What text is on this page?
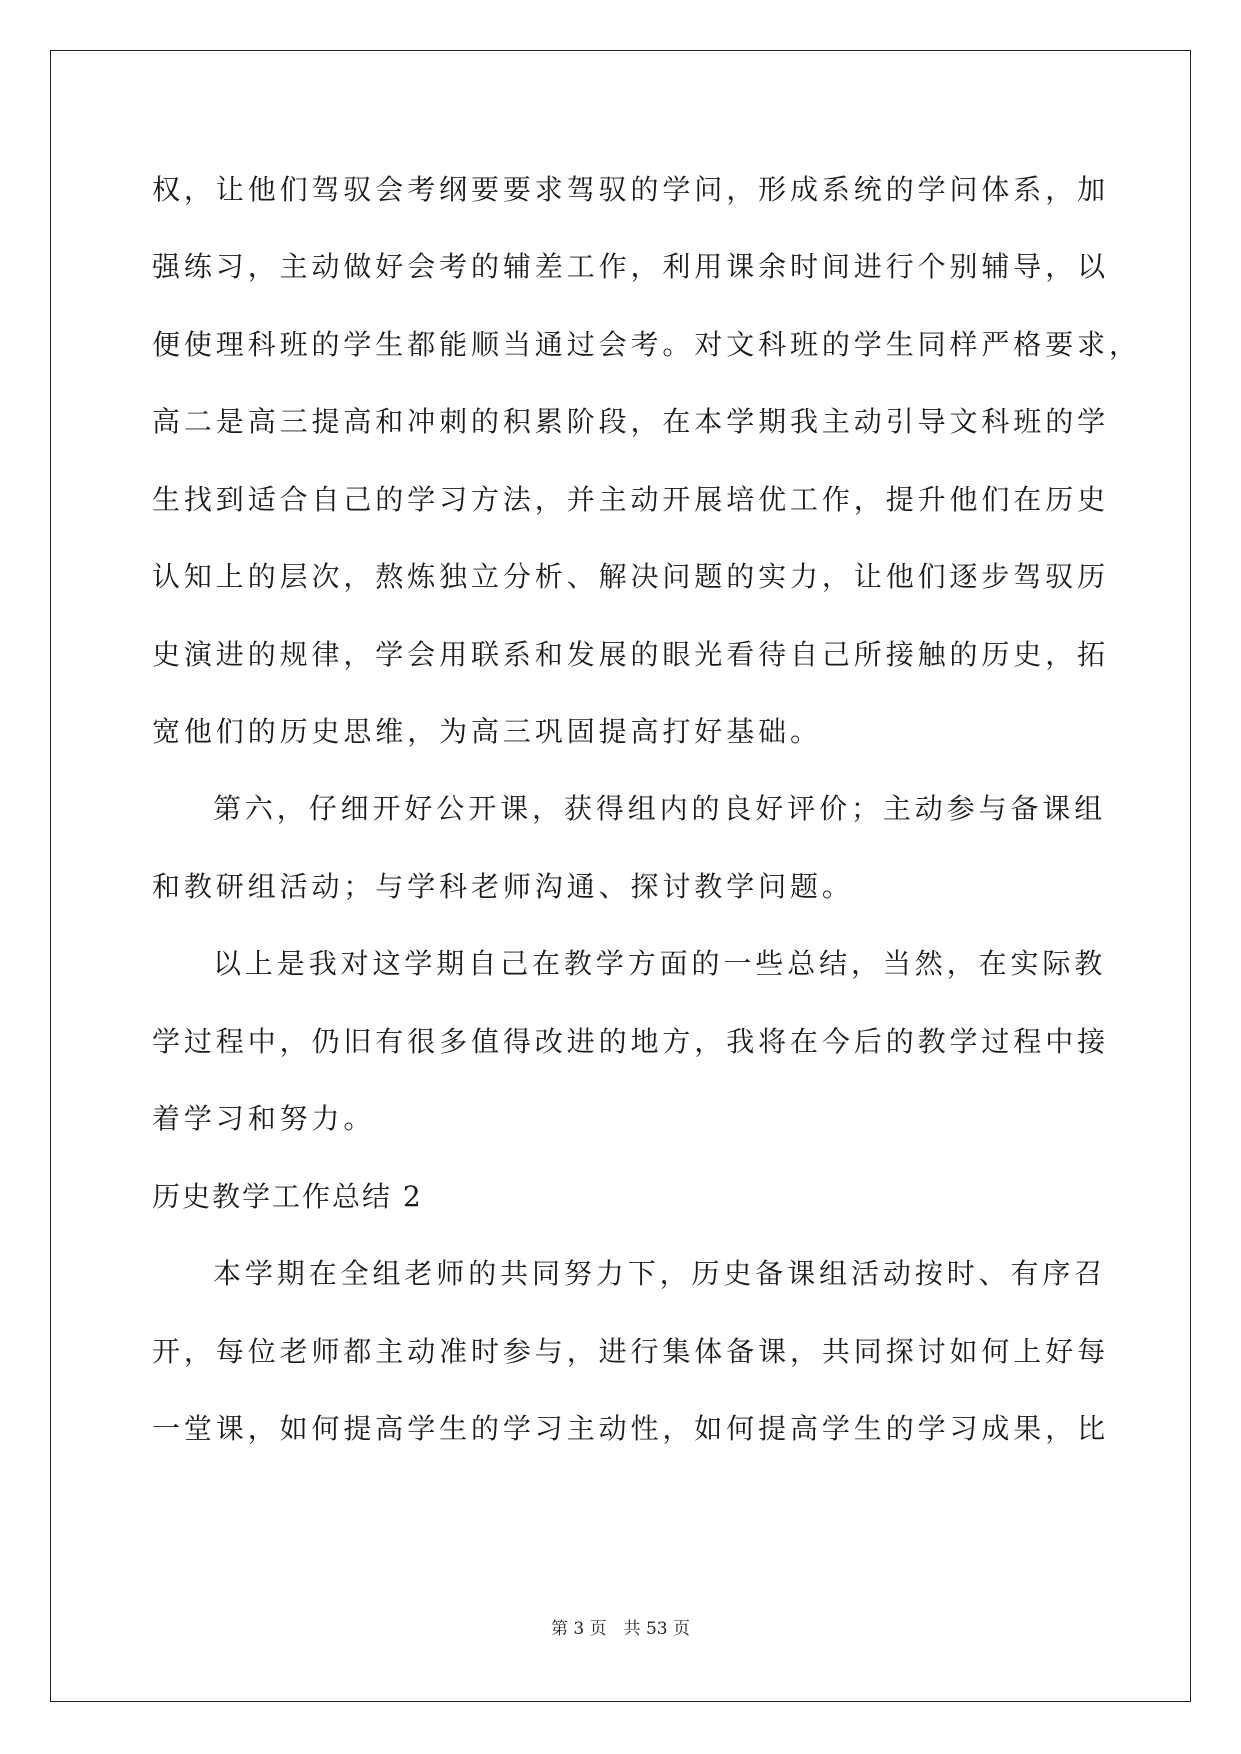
权，让他们驾驭会考纲要要求驾驭的学问，形成系统的学问体系，加
强练习，主动做好会考的辅差工作，利用课余时间进行个别辅导，以
便使理科班的学生都能顺当通过会考。对文科班的学生同样严格要求，
高二是高三提高和冲刺的积累阶段，在本学期我主动引导文科班的学
生找到适合自己的学习方法，并主动开展培优工作，提升他们在历史
认知上的层次，熬炼独立分析、解决问题的实力，让他们逐步驾驭历
史演进的规律，学会用联系和发展的眼光看待自己所接触的历史，拓
宽他们的历史思维，为高三巩固提高打好基础。
第六，仔细开好公开课，获得组内的良好评价；主动参与备课组
和教研组活动；与学科老师沟通、探讨教学问题。
以上是我对这学期自己在教学方面的一些总结，当然，在实际教
学过程中，仍旧有很多值得改进的地方，我将在今后的教学过程中接
着学习和努力。
历史教学工作总结 2
本学期在全组老师的共同努力下，历史备课组活动按时、有序召
开，每位老师都主动准时参与，进行集体备课，共同探讨如何上好每
一堂课，如何提高学生的学习主动性，如何提高学生的学习成果，比
第 3 页　共 53 页
